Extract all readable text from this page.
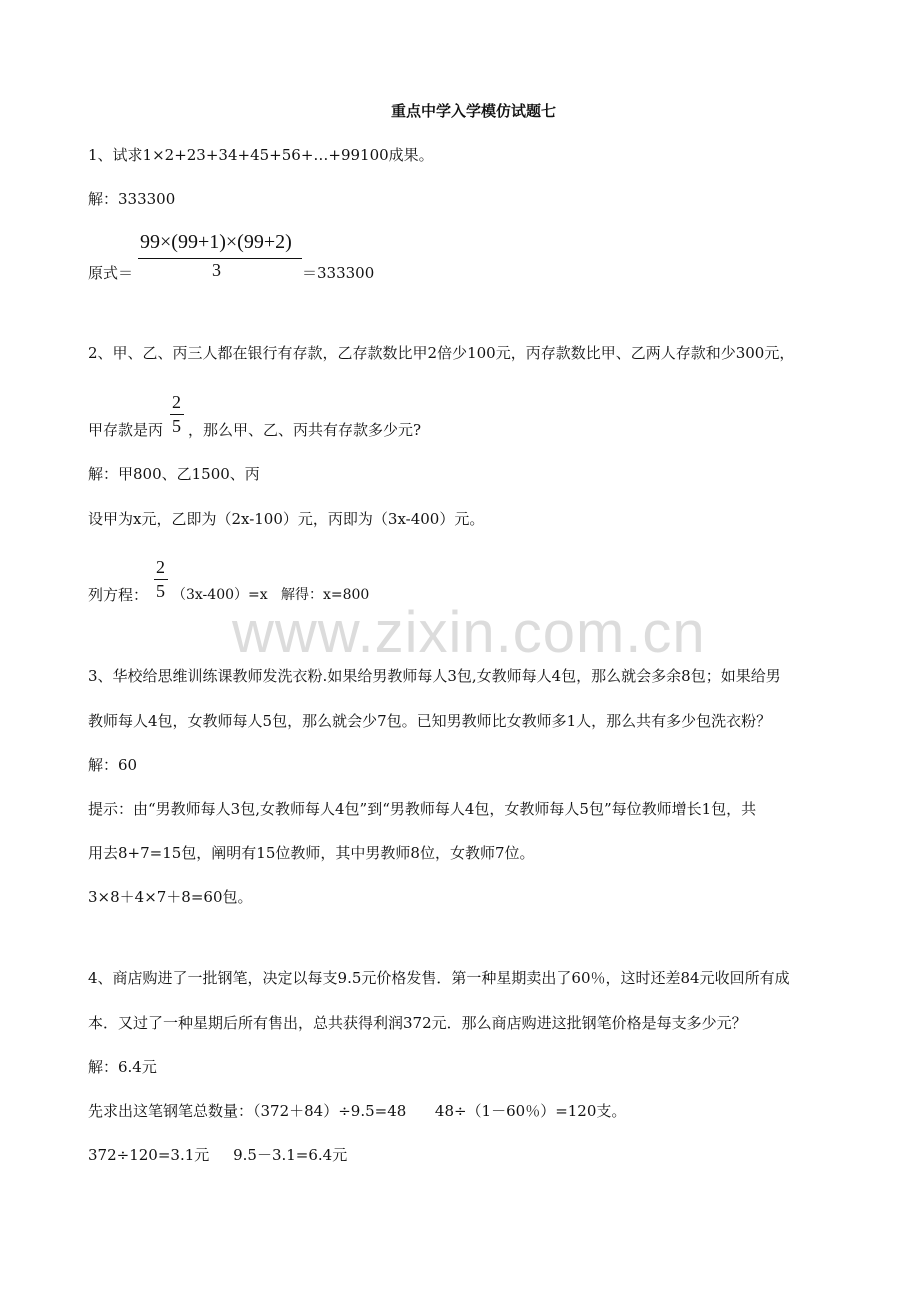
www.zixin.com.cn
重点中学入学模仿试题七
1、试求1×2+23+34+45+56+…+99100成果。
解：333300
原式＝
99×(99+1)×(99+2)
3	＝333300
2、甲、乙、丙三人都在银行有存款，乙存款数比甲2倍少100元，丙存款数比甲、乙两人存款和少300元，
甲存款是丙
2
5 ，那么甲、乙、丙共有存款多少元?
解：甲800、乙1500、丙
设甲为x元，乙即为（2x-100）元，丙即为（3x-400）元。
列方程：
2
5 （3x-400）=x   解得：x=800
3、华校给思维训练课教师发洗衣粉.如果给男教师每人3包,女教师每人4包，那么就会多余8包；如果给男
教师每人4包，女教师每人5包，那么就会少7包。已知男教师比女教师多1人，那么共有多少包洗衣粉？
解：60
提示：由“男教师每人3包,女教师每人4包”到“男教师每人4包，女教师每人5包”每位教师增长1包，共
用去8+7=15包，阐明有15位教师，其中男教师8位，女教师7位。
3×8＋4×7＋8=60包。
4、商店购进了一批钢笔，决定以每支9.5元价格发售．第一种星期卖出了60％，这时还差84元收回所有成
本．又过了一种星期后所有售出，总共获得利润372元．那么商店购进这批钢笔价格是每支多少元？
解：6.4元
先求出这笔钢笔总数量：（372＋84）÷9.5=48      48÷（1－60％）=120支。
372÷120=3.1元     9.5－3.1=6.4元
